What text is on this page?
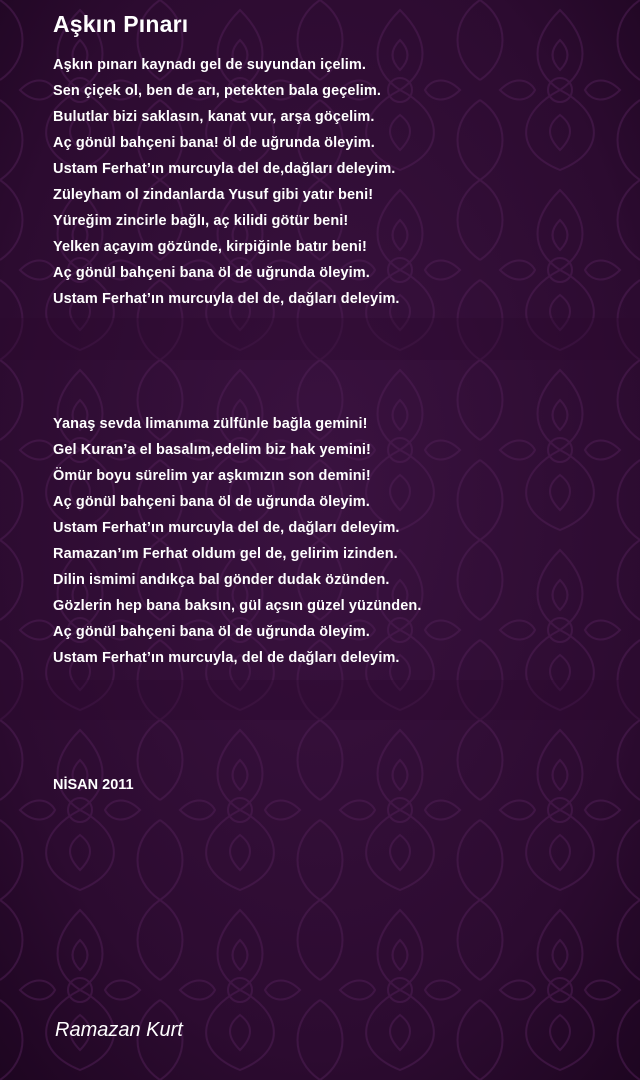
Aşkın Pınarı
Aşkın pınarı kaynadı gel de suyundan içelim.
Sen çiçek ol, ben de arı, petekten bala geçelim.
Bulutlar bizi saklasın, kanat vur, arşa göçelim.
Aç gönül bahçeni bana! öl de uğrunda öleyim.
Ustam Ferhat’ın murcuyla del de,dağları deleyim.
Züleyham ol zindanlarda Yusuf gibi yatır beni!
Yüreğim zincirle bağlı, aç kilidi götür beni!
Yelken açayım gözünde, kirpiğinle batır beni!
Aç gönül bahçeni bana öl de uğrunda öleyim.
Ustam Ferhat’ın murcuyla del de, dağları deleyim.
Yanaş sevda limanıma zülfünle bağla gemini!
Gel Kuran’a el basalım,edelim biz hak yemini!
Ömür boyu sürelim yar aşkımızın son demini!
Aç gönül bahçeni bana öl de uğrunda öleyim.
Ustam Ferhat’ın murcuyla del de, dağları deleyim.
Ramazan’ım Ferhat oldum gel de, gelirim izinden.
Dilin ismimi andıkça bal gönder dudak özünden.
Gözlerin hep bana baksın, gül açsın güzel yüzünden.
Aç gönül bahçeni bana öl de uğrunda öleyim.
Ustam Ferhat’ın murcuyla, del de dağları deleyim.
NİSAN 2011
Ramazan Kurt
